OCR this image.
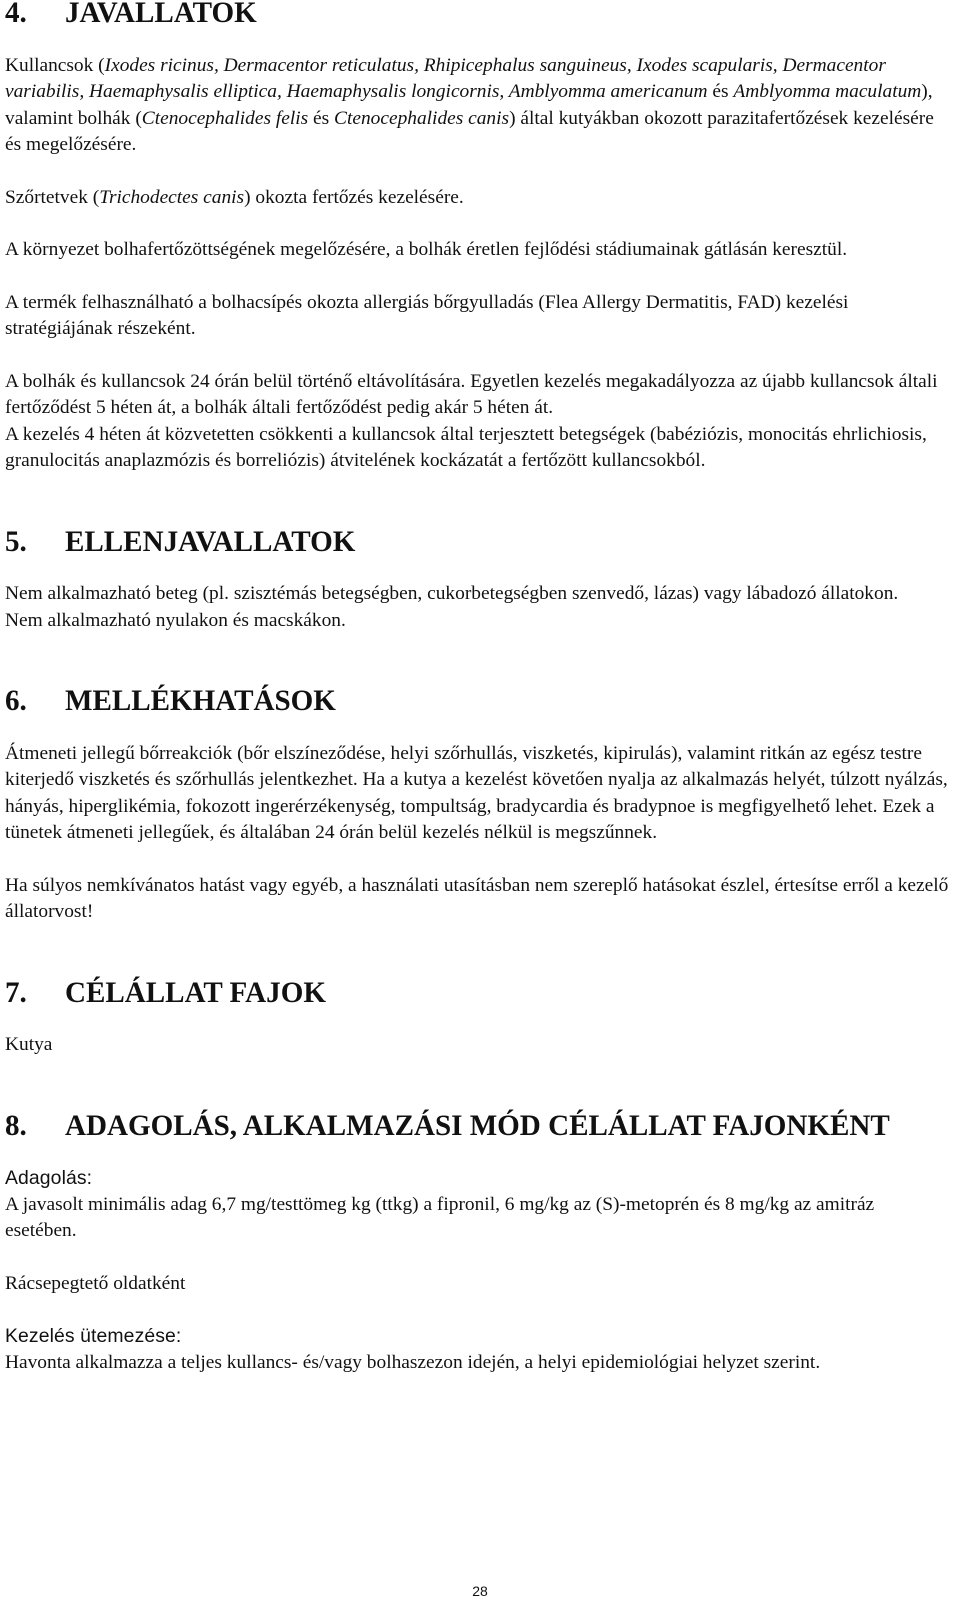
4.	JAVALLATOK

Kullancsok (Ixodes ricinus, Dermacentor reticulatus, Rhipicephalus sanguineus, Ixodes scapularis, Dermacentor variabilis, Haemaphysalis elliptica, Haemaphysalis longicornis, Amblyomma americanum és Amblyomma maculatum), valamint bolhák (Ctenocephalides felis és Ctenocephalides canis) által kutyákban okozott parazitafertőzések kezelésére és megelőzésére.

Szőrtetvek (Trichodectes canis) okozta fertőzés kezelésére.

A környezet bolhafertőzöttségének megelőzésére, a bolhák éretlen fejlődési stádiumainak gátlásán keresztül.

A termék felhasználható a bolhacsípés okozta allergiás bőrgyulladás (Flea Allergy Dermatitis, FAD) kezelési stratégiájának részeként.

A bolhák és kullancsok 24 órán belül történő eltávolítására. Egyetlen kezelés megakadályozza az újabb kullancsok általi fertőződést 5 héten át, a bolhák általi fertőződést pedig akár 5 héten át.

A kezelés 4 héten át közvetetten csökkenti a kullancsok által terjesztett betegségek (babéziózis, monocitás ehrlichiosis, granulocitás anaplazmózis és borreliózis) átvitelének kockázatát a fertőzött kullancsokból.

5.	ELLENJAVALLATOK

Nem alkalmazható beteg (pl. szisztémás betegségben, cukorbetegségben szenvedő, lázas) vagy lábadozó állatokon.

Nem alkalmazható nyulakon és macskákon.

6.	MELLÉKHATÁSOK

Átmeneti jellegű bőrreakciók (bőr elszíneződése, helyi szőrhullás, viszketés, kipirulás), valamint ritkán az egész testre kiterjedő viszketés és szőrhullás jelentkezhet. Ha a kutya a kezelést követően nyalja az alkalmazás helyét, túlzott nyálzás, hányás, hiperglikémia, fokozott ingerérzékenység, tompultság, bradycardia és bradypnoe is megfigyelhető lehet. Ezek a tünetek átmeneti jellegűek, és általában 24 órán belül kezelés nélkül is megszűnnek.

Ha súlyos nemkívánatos hatást vagy egyéb, a használati utasításban nem szereplő hatásokat észlel, értesítse erről a kezelő állatorvost!

7.	CÉLÁLLAT FAJOK

Kutya

8.	ADAGOLÁS, ALKALMAZÁSI MÓD CÉLÁLLAT FAJONKÉNT

Adagolás:

A javasolt minimális adag 6,7 mg/testtömeg kg (ttkg) a fipronil, 6 mg/kg az (S)-metoprén és 8 mg/kg az amitráz esetében.

Rácsepegtető oldatként

Kezelés ütemezése:

Havonta alkalmazza a teljes kullancs- és/vagy bolhaszezon idején, a helyi epidemiológiai helyzet szerint.

28
